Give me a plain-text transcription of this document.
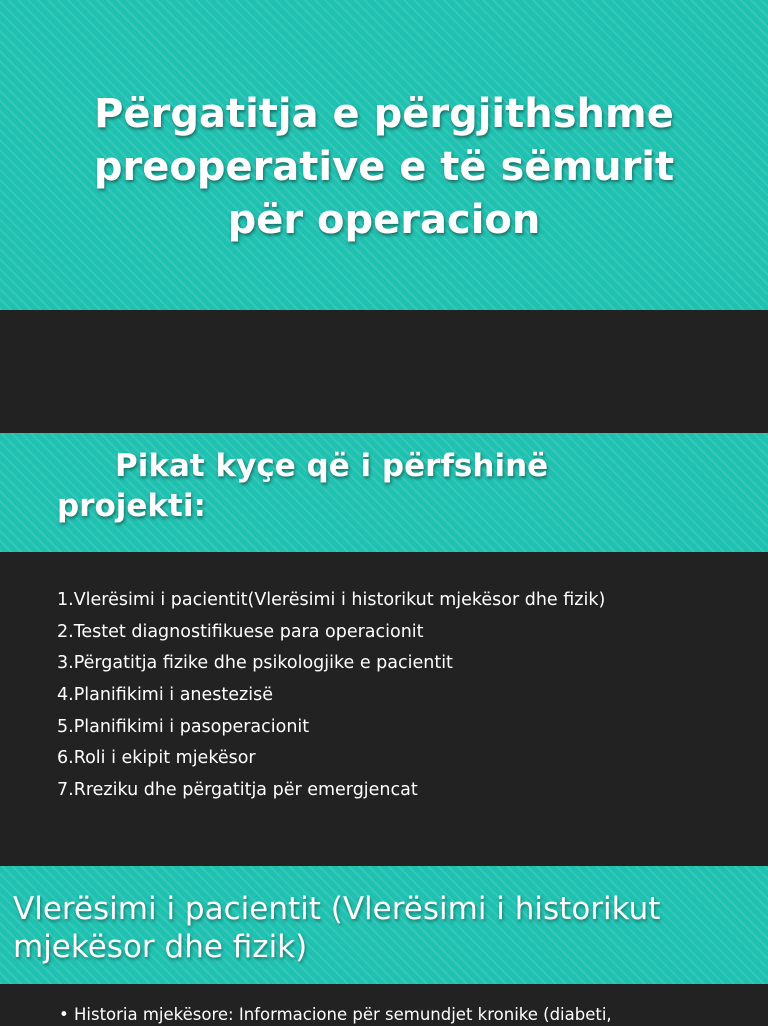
Përgatitja e përgjithshme
preoperative e të sëmurit
për operacion
Pikat kyçe që i përfshinë
projekti:
1.Vlerësimi i pacientit(Vlerësimi i historikut mjekësor dhe fizik)
2.Testet diagnostifikuese para operacionit
3.Përgatitja fizike dhe psikologjike e pacientit
4.Planifikimi i anestezisë
5.Planifikimi i pasoperacionit
6.Roli i ekipit mjekësor
7.Rreziku dhe përgatitja për emergjencat
Vlerësimi i pacientit (Vlerësimi i historikut
mjekësor dhe fizik)
• Historia mjekësore: Informacione për semundjet kronike (diabeti,
